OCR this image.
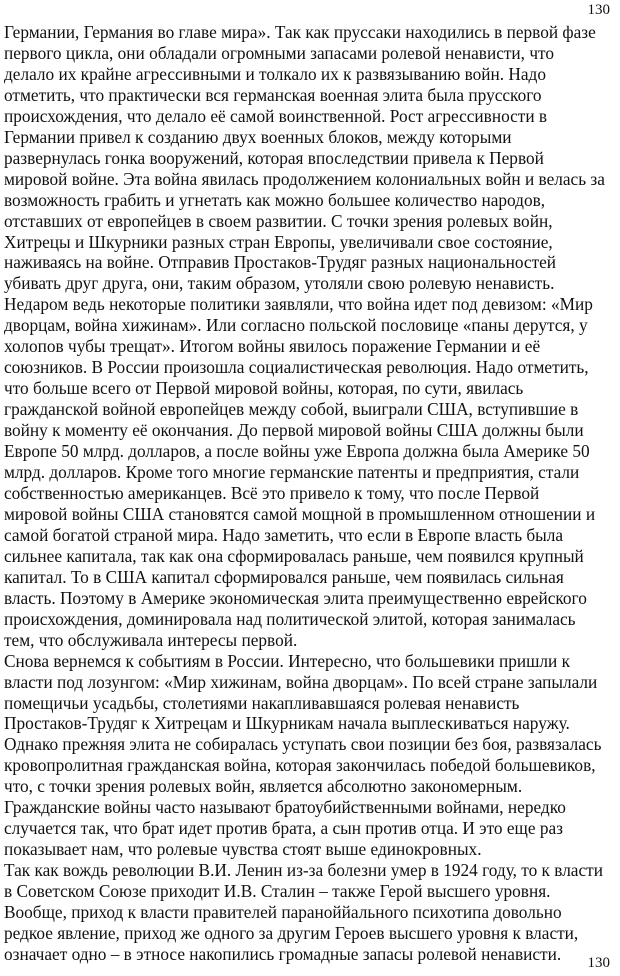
130
Германии, Германия во главе мира». Так как пруссаки находились в первой фазе
первого цикла, они обладали огромными запасами ролевой ненависти, что
делало их крайне агрессивными и толкало их к развязыванию войн. Надо
отметить, что практически вся германская военная элита была прусского
происхождения, что делало её самой воинственной. Рост агрессивности в
Германии привел к созданию двух военных блоков, между которыми
развернулась гонка вооружений, которая впоследствии привела к Первой
мировой войне. Эта война явилась продолжением колониальных войн и велась за
возможность грабить и угнетать как можно большее количество народов,
отставших от европейцев в своем развитии. С точки зрения ролевых войн,
Хитрецы и Шкурники разных стран Европы, увеличивали свое состояние,
наживаясь на войне. Отправив Простаков-Трудяг разных национальностей
убивать друг друга, они, таким образом, утоляли свою ролевую ненависть.
Недаром ведь некоторые политики заявляли, что война идет под девизом: «Мир
дворцам, война хижинам». Или согласно польской пословице «паны дерутся, у
холопов чубы трещат». Итогом войны явилось поражение Германии и её
союзников. В России произошла социалистическая революция. Надо отметить,
что больше всего от Первой мировой войны, которая, по сути, явилась
гражданской войной европейцев между собой, выиграли США, вступившие в
войну к моменту её окончания. До первой мировой войны США должны были
Европе 50 млрд. долларов, а после войны уже Европа должна была Америке 50
млрд. долларов. Кроме того многие германские патенты и предприятия, стали
собственностью американцев. Всё это привело к тому, что после Первой
мировой войны США становятся самой мощной в промышленном отношении и
самой богатой страной мира. Надо заметить, что если в Европе власть была
сильнее капитала, так как она сформировалась раньше, чем появился крупный
капитал. То в США капитал сформировался раньше, чем появилась сильная
власть. Поэтому в Америке экономическая элита преимущественно еврейского
происхождения, доминировала над политической элитой, которая занималась
тем, что обслуживала интересы первой.
Снова вернемся к событиям в России. Интересно, что большевики пришли к
власти под лозунгом: «Мир хижинам, война дворцам». По всей стране запылали
помещичьи усадьбы, столетиями накапливавшаяся ролевая ненависть
Простаков-Трудяг к Хитрецам и Шкурникам начала выплескиваться наружу.
Однако прежняя элита не собиралась уступать свои позиции без боя, развязалась
кровопролитная гражданская война, которая закончилась победой большевиков,
что, с точки зрения ролевых войн, является абсолютно закономерным.
Гражданские войны часто называют братоубийственными войнами, нередко
случается так, что брат идет против брата, а сын против отца. И это еще раз
показывает нам, что ролевые чувства стоят выше единокровных.
Так как вождь революции В.И. Ленин из-за болезни умер в 1924 году, то к власти
в Советском Союзе приходит И.В. Сталин – также Герой высшего уровня.
Вообще, приход к власти правителей параноййального психотипа довольно
редкое явление, приход же одного за другим Героев высшего уровня к власти,
означает одно – в этносе накопились громадные запасы ролевой ненависти.	130
